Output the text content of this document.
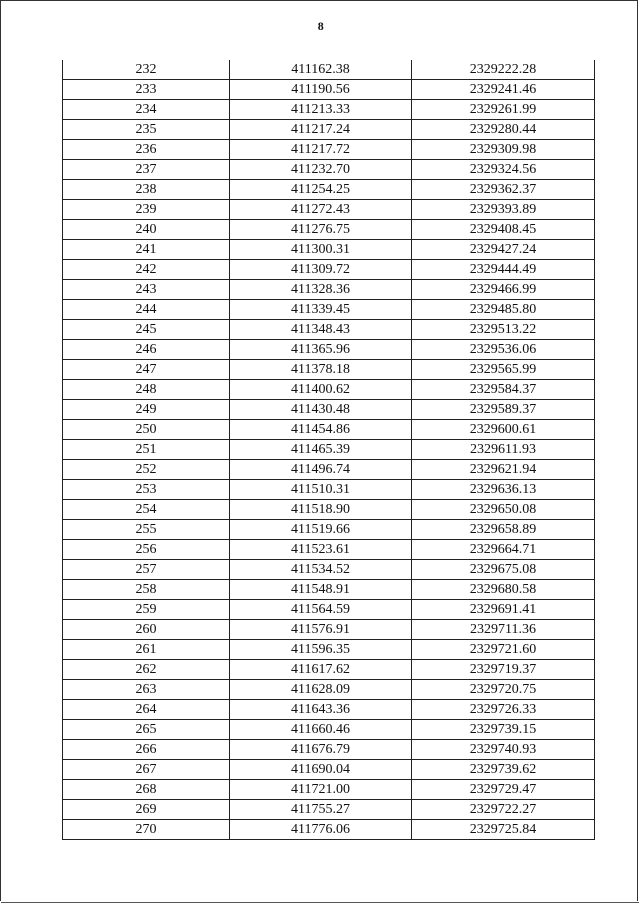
8
232	411162.38	2329222.28
233	411190.56	2329241.46
234	411213.33	2329261.99
235	411217.24	2329280.44
236	411217.72	2329309.98
237	411232.70	2329324.56
238	411254.25	2329362.37
239	411272.43	2329393.89
240	411276.75	2329408.45
241	411300.31	2329427.24
242	411309.72	2329444.49
243	411328.36	2329466.99
244	411339.45	2329485.80
245	411348.43	2329513.22
246	411365.96	2329536.06
247	411378.18	2329565.99
248	411400.62	2329584.37
249	411430.48	2329589.37
250	411454.86	2329600.61
251	411465.39	2329611.93
252	411496.74	2329621.94
253	411510.31	2329636.13
254	411518.90	2329650.08
255	411519.66	2329658.89
256	411523.61	2329664.71
257	411534.52	2329675.08
258	411548.91	2329680.58
259	411564.59	2329691.41
260	411576.91	2329711.36
261	411596.35	2329721.60
262	411617.62	2329719.37
263	411628.09	2329720.75
264	411643.36	2329726.33
265	411660.46	2329739.15
266	411676.79	2329740.93
267	411690.04	2329739.62
268	411721.00	2329729.47
269	411755.27	2329722.27
270	411776.06	2329725.84
